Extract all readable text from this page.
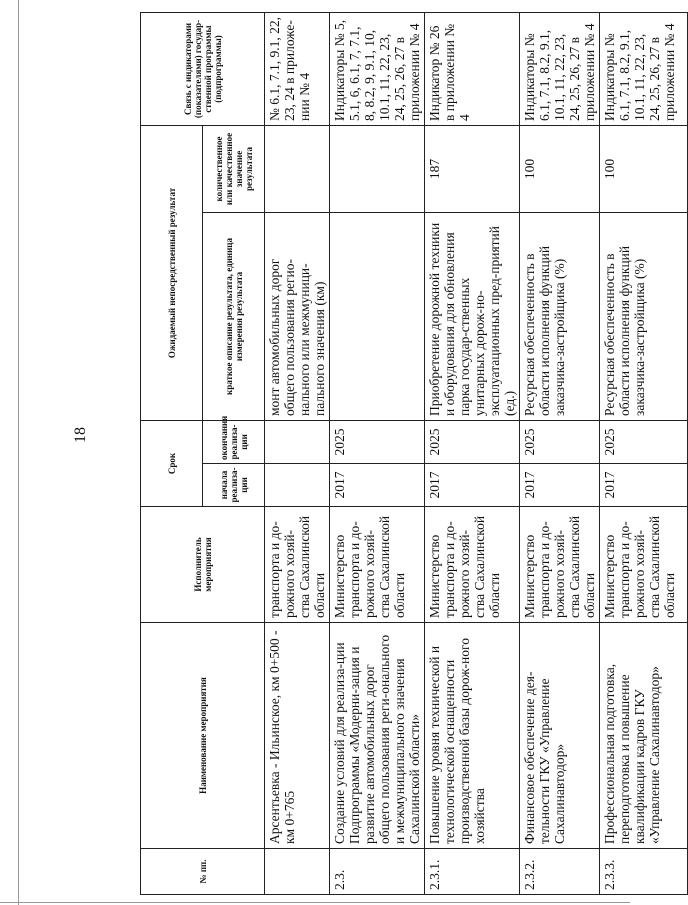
18
№ пп.	Наименование мероприятия	Исполнитель мероприятия	Срок		Ожидаемый непосредственный результат		Связь с индикаторами (показателями) государ-ственной программы (подпрограммы)
			начала реализа-ции	окончания реализа-ции	краткое описание результата, единица измерения результата	количественное или качественное значение результата	
	Арсентьевка - Ильинское, км 0+500 - км 0+765	транспорта и до-рожного хозяй-ства Сахалинской области			монт автомобильных дорог общего пользования регио-нального или межмуници-пального значения (км)		№ 6.1, 7.1, 9.1, 22, 23, 24 в приложе-нии № 4
2.3.	Создание условий для реализа-ции Подпрограммы «Модерни-зация и развитие автомобильных дорог общего пользования реги-онального и межмуниципального значения Сахалинской области»	Министерство транспорта и до-рожного хозяй-ства Сахалинской области	2017	2025			Индикаторы № 5, 5.1, 6, 6.1, 7, 7.1, 8, 8.2, 9, 9.1, 10, 10.1, 11, 22, 23, 24, 25, 26, 27 в приложении № 4
2.3.1.	Повышение уровня технической и технологической оснащенности производственной базы дорож-ного хозяйства	Министерство транспорта и до-рожного хозяй-ства Сахалинской области	2017	2025	Приобретение дорожной техники и оборудования для обновления парка государ-ственных унитарных дорож-но-эксплуатационных пред-приятий (ед.)	187	Индикатор № 26 в приложении № 4
2.3.2.	Финансовое обеспечение дея-тельности ГКУ «Управление Сахалинавтодор»	Министерство транспорта и до-рожного хозяй-ства Сахалинской области	2017	2025	Ресурсная обеспеченность в области исполнения функций заказчика-застройщика (%)	100	Индикаторы № 6.1, 7.1, 8.2, 9.1, 10.1, 11, 22, 23, 24, 25, 26, 27 в приложении № 4
2.3.3.	Профессиональная подготовка, переподготовка и повышение квалификации кадров ГКУ «Управление Сахалинавтодор»	Министерство транспорта и до-рожного хозяй-ства Сахалинской области	2017	2025	Ресурсная обеспеченность в области исполнения функций заказчика-застройщика (%)	100	Индикаторы № 6.1, 7.1, 8.2, 9.1, 10.1, 11, 22, 23, 24, 25, 26, 27 в приложении № 4
